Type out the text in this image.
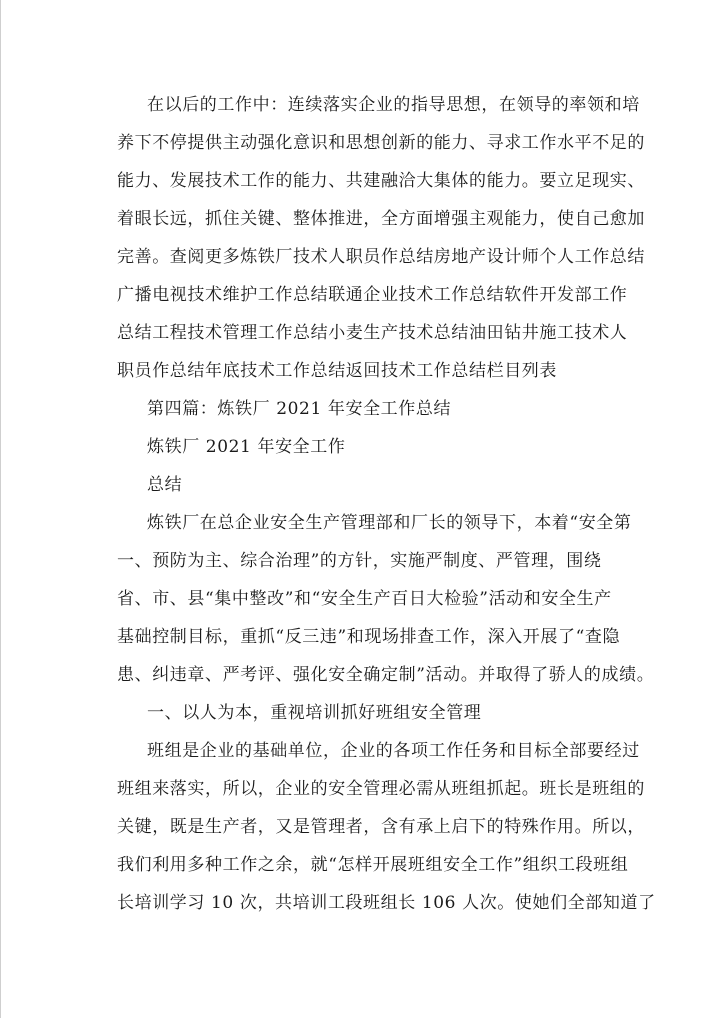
在以后的工作中：连续落实企业的指导思想，在领导的率领和培
养下不停提供主动强化意识和思想创新的能力、寻求工作水平不足的
能力、发展技术工作的能力、共建融洽大集体的能力。要立足现实、
着眼长远，抓住关键、整体推进，全方面增强主观能力，使自己愈加
完善。查阅更多炼铁厂技术人职员作总结房地产设计师个人工作总结
广播电视技术维护工作总结联通企业技术工作总结软件开发部工作
总结工程技术管理工作总结小麦生产技术总结油田钻井施工技术人
职员作总结年底技术工作总结返回技术工作总结栏目列表
第四篇：炼铁厂 2021 年安全工作总结
炼铁厂 2021 年安全工作
总结
炼铁厂在总企业安全生产管理部和厂长的领导下，本着“安全第
一、预防为主、综合治理”的方针，实施严制度、严管理，围绕
省、市、县“集中整改”和“安全生产百日大检验”活动和安全生产
基础控制目标，重抓“反三违”和现场排查工作，深入开展了“查隐
患、纠违章、严考评、强化安全确定制”活动。并取得了骄人的成绩。
一、以人为本，重视培训抓好班组安全管理
班组是企业的基础单位，企业的各项工作任务和目标全部要经过
班组来落实，所以，企业的安全管理必需从班组抓起。班长是班组的
关键，既是生产者，又是管理者，含有承上启下的特殊作用。所以，
我们利用多种工作之余，就“怎样开展班组安全工作”组织工段班组
长培训学习 10 次，共培训工段班组长 106 人次。使她们全部知道了
